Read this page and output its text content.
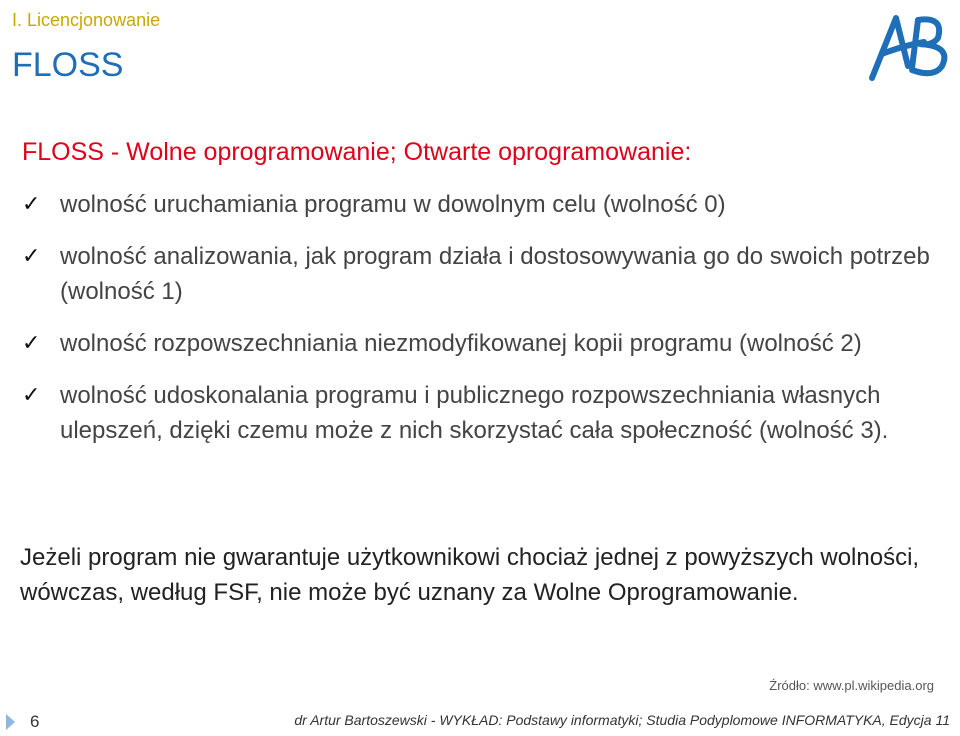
I. Licencjonowanie
FLOSS
FLOSS - Wolne oprogramowanie; Otwarte oprogramowanie:
✓ wolność uruchamiania programu w dowolnym celu (wolność 0)
✓ wolność analizowania, jak program działa i dostosowywania go do swoich potrzeb (wolność 1)
✓ wolność rozpowszechniania niezmodyfikowanej kopii programu (wolność 2)
✓ wolność udoskonalania programu i publicznego rozpowszechniania własnych ulepszeń, dzięki czemu może z nich skorzystać cała społeczność (wolność 3).

Jeżeli program nie gwarantuje użytkownikowi chociaż jednej z powyższych wolności, wówczas, według FSF, nie może być uznany za Wolne Oprogramowanie.

Źródło: www.pl.wikipedia.org
6	dr Artur Bartoszewski - WYKŁAD: Podstawy informatyki; Studia Podyplomowe INFORMATYKA, Edycja 11
